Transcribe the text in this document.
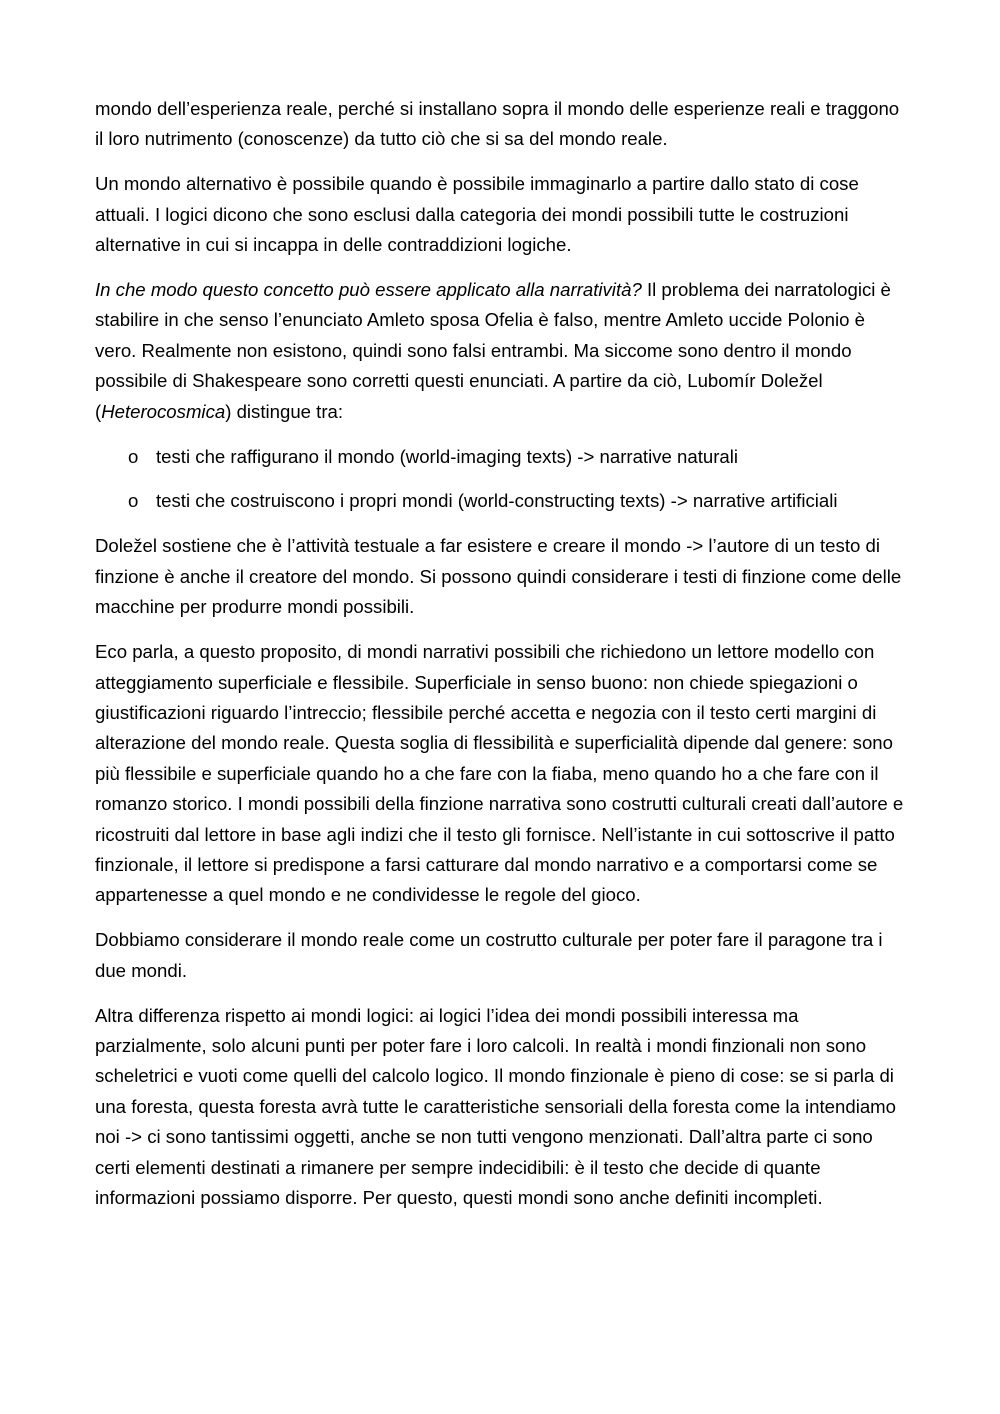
mondo dell’esperienza reale, perché si installano sopra il mondo delle esperienze reali e traggono il loro nutrimento (conoscenze) da tutto ciò che si sa del mondo reale.

Un mondo alternativo è possibile quando è possibile immaginarlo a partire dallo stato di cose attuali. I logici dicono che sono esclusi dalla categoria dei mondi possibili tutte le costruzioni alternative in cui si incappa in delle contraddizioni logiche.

In che modo questo concetto può essere applicato alla narratività? Il problema dei narratologici è stabilire in che senso l’enunciato Amleto sposa Ofelia è falso, mentre Amleto uccide Polonio è vero. Realmente non esistono, quindi sono falsi entrambi. Ma siccome sono dentro il mondo possibile di Shakespeare sono corretti questi enunciati. A partire da ciò, Lubomír Doležel (Heterocosmica) distingue tra:

o testi che raffigurano il mondo (world-imaging texts) -> narrative naturali
o testi che costruiscono i propri mondi (world-constructing texts) -> narrative artificiali

Doležel sostiene che è l’attività testuale a far esistere e creare il mondo -> l’autore di un testo di finzione è anche il creatore del mondo. Si possono quindi considerare i testi di finzione come delle macchine per produrre mondi possibili.

Eco parla, a questo proposito, di mondi narrativi possibili che richiedono un lettore modello con atteggiamento superficiale e flessibile. Superficiale in senso buono: non chiede spiegazioni o giustificazioni riguardo l’intreccio; flessibile perché accetta e negozia con il testo certi margini di alterazione del mondo reale. Questa soglia di flessibilità e superficialità dipende dal genere: sono più flessibile e superficiale quando ho a che fare con la fiaba, meno quando ho a che fare con il romanzo storico. I mondi possibili della finzione narrativa sono costrutti culturali creati dall’autore e ricostruiti dal lettore in base agli indizi che il testo gli fornisce. Nell’istante in cui sottoscrive il patto finzionale, il lettore si predispone a farsi catturare dal mondo narrativo e a comportarsi come se appartenesse a quel mondo e ne condividesse le regole del gioco.

Dobbiamo considerare il mondo reale come un costrutto culturale per poter fare il paragone tra i due mondi.

Altra differenza rispetto ai mondi logici: ai logici l’idea dei mondi possibili interessa ma parzialmente, solo alcuni punti per poter fare i loro calcoli. In realtà i mondi finzionali non sono scheletrici e vuoti come quelli del calcolo logico. Il mondo finzionale è pieno di cose: se si parla di una foresta, questa foresta avrà tutte le caratteristiche sensoriali della foresta come la intendiamo noi -> ci sono tantissimi oggetti, anche se non tutti vengono menzionati. Dall’altra parte ci sono certi elementi destinati a rimanere per sempre indecidibili: è il testo che decide di quante informazioni possiamo disporre. Per questo, questi mondi sono anche definiti incompleti.
